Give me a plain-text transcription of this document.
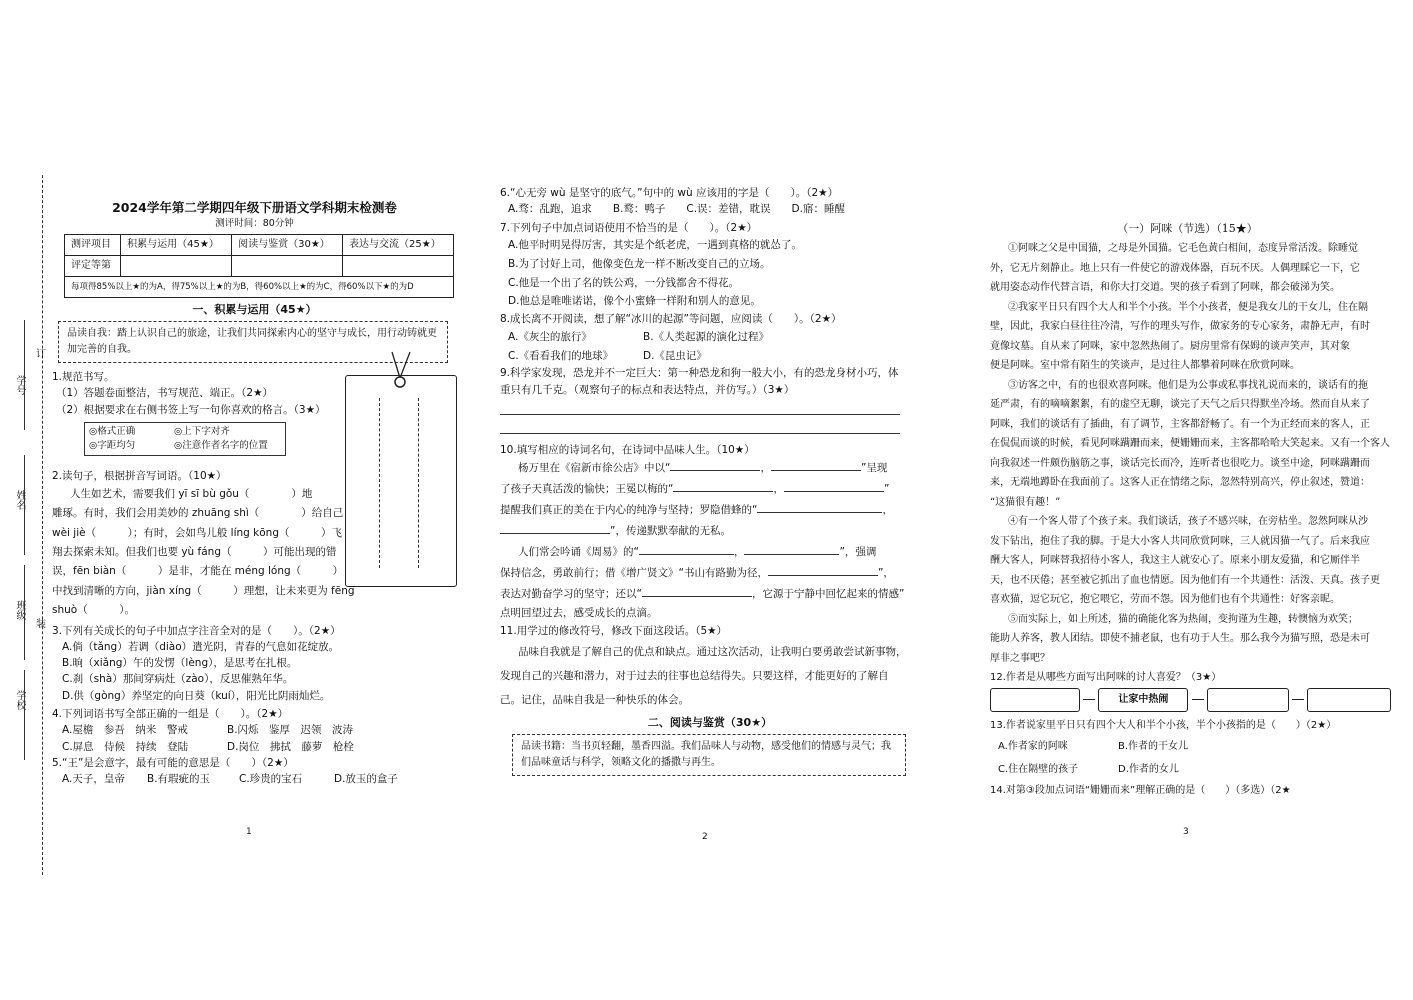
学号
姓名
班级
学校
订
装
2024学年第二学期四年级下册语文学科期末检测卷
测评时间：80分钟
测评项目	积累与运用（45★）	阅读与鉴赏（30★）	表达与交流（25★）
评定等第			
每项得85%以上★的为A，得75%以上★的为B，得60%以上★的为C，得60%以下★的为D			
一、积累与运用（45★）
品读自我：踏上认识自己的旅途，让我们共同探索内心的坚守与成长，用行动铸就更加完善的自我。
1.规范书写。
（1）答题卷面整洁，书写规范、端正。（2★）
（2）根据要求在右侧书签上写一句你喜欢的格言。（3★）
◎格式正确	◎上下字对齐
◎字距均匀	◎注意作者名字的位置
2.读句子，根据拼音写词语。（10★）
人生如艺术，需要我们 yī sī bù gǒu（　　　　）地
雕琢。有时，我们会用美妙的 zhuāng shì（　　　　）给自己
wèi jiè（　　　）；有时，会如鸟儿般 líng kōng（　　　）飞
翔去探索未知。但我们也要 yù fáng（　　　）可能出现的错
误，fēn biàn（　　　）是非，才能在 méng lóng（　　　）
中找到清晰的方向，jiàn xíng（　　　）理想，让未来更为 fēng
shuò（　　　）。
3.下列有关成长的句子中加点字注音全对的是（　　）。（2★）
A.倘（tǎng）若调（diào）遣光阴，青春的气息如花绽放。
B.晌（xiǎng）午的发愣（lèng），是思考在扎根。
C.刹（shà）那间穿病灶（zào），反思催熟年华。
D.供（gòng）养坚定的向日葵（kuí），阳光比阴雨灿烂。
4.下列词语书写全部正确的一组是（　　）。（2★）
A.屋檐　参吾　纳米　警戒	B.闪烁　鉴厚　迟领　波涛
C.屏息　侍候　持续　登陆	D.岗位　拂拭　藤萝　枪栓
5.“王”是会意字，最有可能的意思是（　　）（2★）
A.天子，皇帝 B.有瑕疵的玉	C.珍贵的宝石	D.放玉的盒子
1
6.“心无旁 wù 是坚守的底气。”句中的 wù 应该用的字是（　　）。（2★）
A.骛：乱跑，追求　　B.鹜：鸭子　　C.误：差错，耽误　　D.寤：睡醒
7.下列句子中加点词语使用不恰当的是（　　）。（2★）
A.他平时明晃得厉害，其实是个纸老虎，一遇到真格的就怂了。
B.为了讨好上司，他像变色龙一样不断改变自己的立场。
C.他是一个出了名的铁公鸡，一分钱都舍不得花。
D.他总是唯唯诺诺，像个小蜜蜂一样附和别人的意见。
8.成长离不开阅读，想了解“冰川的起源”等问题，应阅读（　　）。（2★）
A.《灰尘的旅行》	B.《人类起源的演化过程》
C.《看看我们的地球》	D.《昆虫记》
9.科学家发现，恐龙并不一定巨大：第一种恐龙和狗一般大小，有的恐龙身材小巧，体
重只有几千克。（观察句子的标点和表达特点，并仿写。）（3★）
10.填写相应的诗词名句，在诗词中品味人生。（10★）
杨万里在《宿新市徐公店》中以“	，	”呈现
了孩子天真活泼的愉快；王冕以梅的“	，	”
提醒我们真正的美在于内心的纯净与坚持；罗隐借蜂的“	，
”，传递默默奉献的无私。
人们常会吟诵《周易》的“	，	”，强调
保持信念，勇敢前行；借《增广贤文》“书山有路勤为径，	”，
表达对勤奋学习的坚守；还以“	，它源于宁静中回忆起来的情感”
点明回望过去，感受成长的点滴。
11.用学过的修改符号，修改下面这段话。（5★）
品味自我就是了解自己的优点和缺点。通过这次活动，让我明白要勇敢尝试新事物，
发现自己的兴趣和潜力，对于过去的往事也总结得失。只要这样，才能更好的了解自
己。记住，品味自我是一种快乐的体会。
二、阅读与鉴赏（30★）
品读书籍：当书页轻翻，墨香四溢。我们品味人与动物，感受他们的情感与灵气；我们品味童话与科学，领略文化的播撒与再生。
2
（一）阿咪（节选）（15★）
①阿咪之父是中国猫，之母是外国猫。它毛色黄白相间，态度异常活泼。除睡觉
外，它无片刻静止。地上只有一件使它的游戏体器，百玩不厌。人偶理睬它一下，它
就用姿态动作代替言语，和你大打交道。哭的孩子看到了阿咪，都会破涕为笑。
②我家平日只有四个大人和半个小孩。半个小孩者，便是我女儿的干女儿，住在隔
壁，因此，我家白昼往往冷清，写作的理头写作，做家务的专心家务，肃静无声，有时
竟像坟墓。自从来了阿咪，家中忽然热闹了。厨房里常有保姆的谈声笑声，其对象
便是阿咪。室中常有陌生的笑谈声，是过往人都攀着阿咪在欣赏阿咪。
③访客之中，有的也很欢喜阿咪。他们是为公事或私事找礼说而来的，谈话有的拖
延严肃，有的嘀嘀絮絮，有的虚空无聊，谈完了天气之后只得默坐冷场。然而自从来了
阿咪，我们的谈话有了插曲，有了调节，主客都舒畅了。有一个为正经而来的客人，正
在侃侃而谈的时候，看见阿咪蹒跚而来，便姗姗而来，主客都哈哈大笑起来。又有一个客人
向我叙述一件颇伤脑筋之事，谈话完长而冷，连听者也很吃力。谈至中途，阿咪蹒跚而
来，无端地蹲卧在我面前了。这客人正在情绪之际，忽然特别高兴，停止叙述，赞道：
“这猫很有趣！”
④有一个客人带了个孩子来。我们谈话，孩子不感兴味，在旁枯坐。忽然阿咪从沙
发下钻出，抱住了我的脚。于是大小客人共同欣赏阿咪，三人就因猫一气了。后来我应
酬大客人，阿咪替我招待小客人，我这主人就安心了。原来小朋友爱猫，和它厮伴半
天，也不厌倦；甚至被它抓出了血也情愿。因为他们有一个共通性：活泼、天真。孩子更
喜欢猫，逗它玩它，抱它喂它，劳而不怨。因为他们也有个共通性：好客亲昵。
⑤而实际上，如上所述，猫的确能化客为热闹，变拘谨为生趣，转懊恼为欢笑；
能助人养客，教人团结。即使不捕老鼠，也有功于人生。那么我今为猫写照，恐是未可
厚非之事吧？
12.作者是从哪些方面写出阿咪的讨人喜爱？（3★）
让家中热闹
13.作者说家里平日只有四个大人和半个小孩，半个小孩指的是（　　）（2★）
A.作者家的阿咪	B.作者的干女儿
C.住在隔壁的孩子	D.作者的女儿
14.对第③段加点词语“姗姗而来”理解正确的是（　　）（多选）（2★
3
